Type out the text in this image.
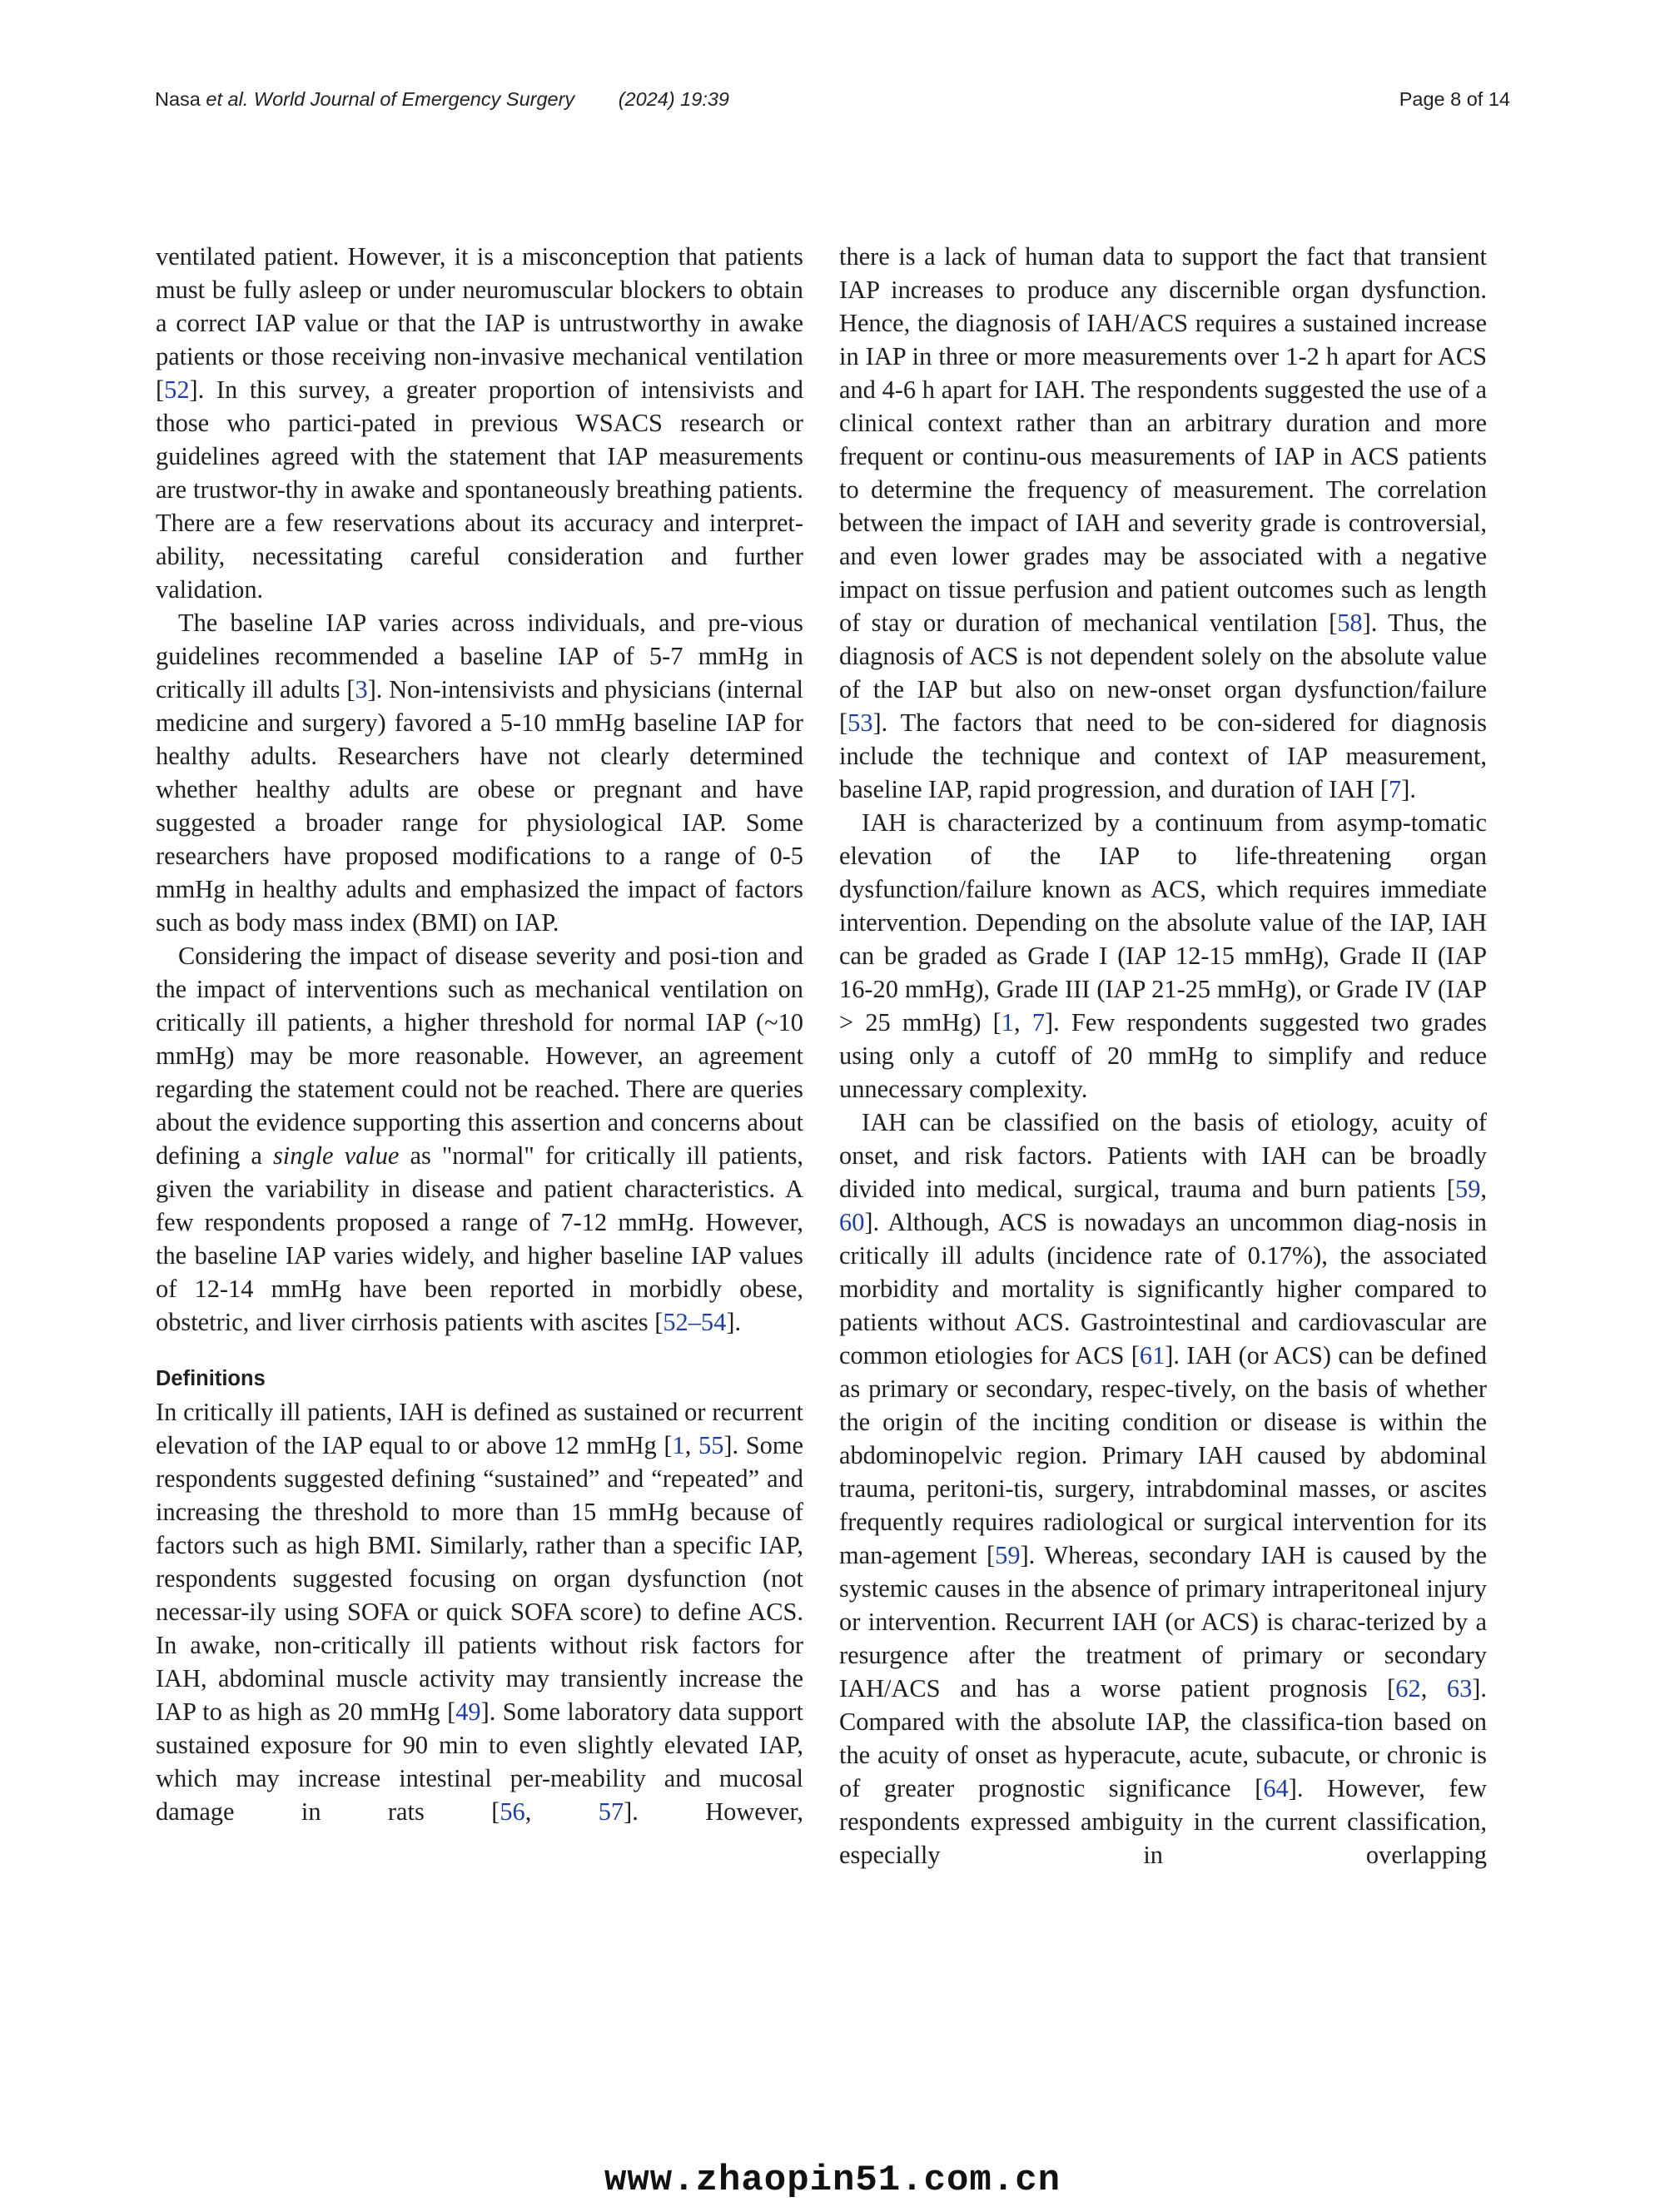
Nasa et al. World Journal of Emergency Surgery (2024) 19:39	Page 8 of 14

ventilated patient. However, it is a misconception that patients must be fully asleep or under neuromuscular blockers to obtain a correct IAP value or that the IAP is untrustworthy in awake patients or those receiving non-invasive mechanical ventilation [52]. In this survey, a greater proportion of intensivists and those who partici-pated in previous WSACS research or guidelines agreed with the statement that IAP measurements are trustwor-thy in awake and spontaneously breathing patients. There are a few reservations about its accuracy and interpret-ability, necessitating careful consideration and further validation.

The baseline IAP varies across individuals, and pre-vious guidelines recommended a baseline IAP of 5-7 mmHg in critically ill adults [3]. Non-intensivists and physicians (internal medicine and surgery) favored a 5-10 mmHg baseline IAP for healthy adults. Researchers have not clearly determined whether healthy adults are obese or pregnant and have suggested a broader range for physiological IAP. Some researchers have proposed modifications to a range of 0-5 mmHg in healthy adults and emphasized the impact of factors such as body mass index (BMI) on IAP.

Considering the impact of disease severity and posi-tion and the impact of interventions such as mechanical ventilation on critically ill patients, a higher threshold for normal IAP (~10 mmHg) may be more reasonable. However, an agreement regarding the statement could not be reached. There are queries about the evidence supporting this assertion and concerns about defining a single value as "normal" for critically ill patients, given the variability in disease and patient characteristics. A few respondents proposed a range of 7-12 mmHg. However, the baseline IAP varies widely, and higher baseline IAP values of 12-14 mmHg have been reported in morbidly obese, obstetric, and liver cirrhosis patients with ascites [52–54].

Definitions

In critically ill patients, IAH is defined as sustained or recurrent elevation of the IAP equal to or above 12 mmHg [1, 55]. Some respondents suggested defining “sustained” and “repeated” and increasing the threshold to more than 15 mmHg because of factors such as high BMI. Similarly, rather than a specific IAP, respondents suggested focusing on organ dysfunction (not necessar-ily using SOFA or quick SOFA score) to define ACS. In awake, non-critically ill patients without risk factors for IAH, abdominal muscle activity may transiently increase the IAP to as high as 20 mmHg [49]. Some laboratory data support sustained exposure for 90 min to even slightly elevated IAP, which may increase intestinal per-meability and mucosal damage in rats [56, 57]. However,

there is a lack of human data to support the fact that transient IAP increases to produce any discernible organ dysfunction. Hence, the diagnosis of IAH/ACS requires a sustained increase in IAP in three or more measurements over 1-2 h apart for ACS and 4-6 h apart for IAH. The respondents suggested the use of a clinical context rather than an arbitrary duration and more frequent or continu-ous measurements of IAP in ACS patients to determine the frequency of measurement. The correlation between the impact of IAH and severity grade is controversial, and even lower grades may be associated with a negative impact on tissue perfusion and patient outcomes such as length of stay or duration of mechanical ventilation [58]. Thus, the diagnosis of ACS is not dependent solely on the absolute value of the IAP but also on new-onset organ dysfunction/failure [53]. The factors that need to be con-sidered for diagnosis include the technique and context of IAP measurement, baseline IAP, rapid progression, and duration of IAH [7].

IAH is characterized by a continuum from asymp-tomatic elevation of the IAP to life-threatening organ dysfunction/failure known as ACS, which requires immediate intervention. Depending on the absolute value of the IAP, IAH can be graded as Grade I (IAP 12-15 mmHg), Grade II (IAP 16-20 mmHg), Grade III (IAP 21-25 mmHg), or Grade IV (IAP > 25 mmHg) [1, 7]. Few respondents suggested two grades using only a cutoff of 20 mmHg to simplify and reduce unnecessary complexity.

IAH can be classified on the basis of etiology, acuity of onset, and risk factors. Patients with IAH can be broadly divided into medical, surgical, trauma and burn patients [59, 60]. Although, ACS is nowadays an uncommon diag-nosis in critically ill adults (incidence rate of 0.17%), the associated morbidity and mortality is significantly higher compared to patients without ACS. Gastrointestinal and cardiovascular are common etiologies for ACS [61]. IAH (or ACS) can be defined as primary or secondary, respec-tively, on the basis of whether the origin of the inciting condition or disease is within the abdominopelvic region. Primary IAH caused by abdominal trauma, peritoni-tis, surgery, intrabdominal masses, or ascites frequently requires radiological or surgical intervention for its man-agement [59]. Whereas, secondary IAH is caused by the systemic causes in the absence of primary intraperitoneal injury or intervention. Recurrent IAH (or ACS) is charac-terized by a resurgence after the treatment of primary or secondary IAH/ACS and has a worse patient prognosis [62, 63]. Compared with the absolute IAP, the classifica-tion based on the acuity of onset as hyperacute, acute, subacute, or chronic is of greater prognostic significance [64]. However, few respondents expressed ambiguity in the current classification, especially in overlapping

www.zhaopin51.com.cn
